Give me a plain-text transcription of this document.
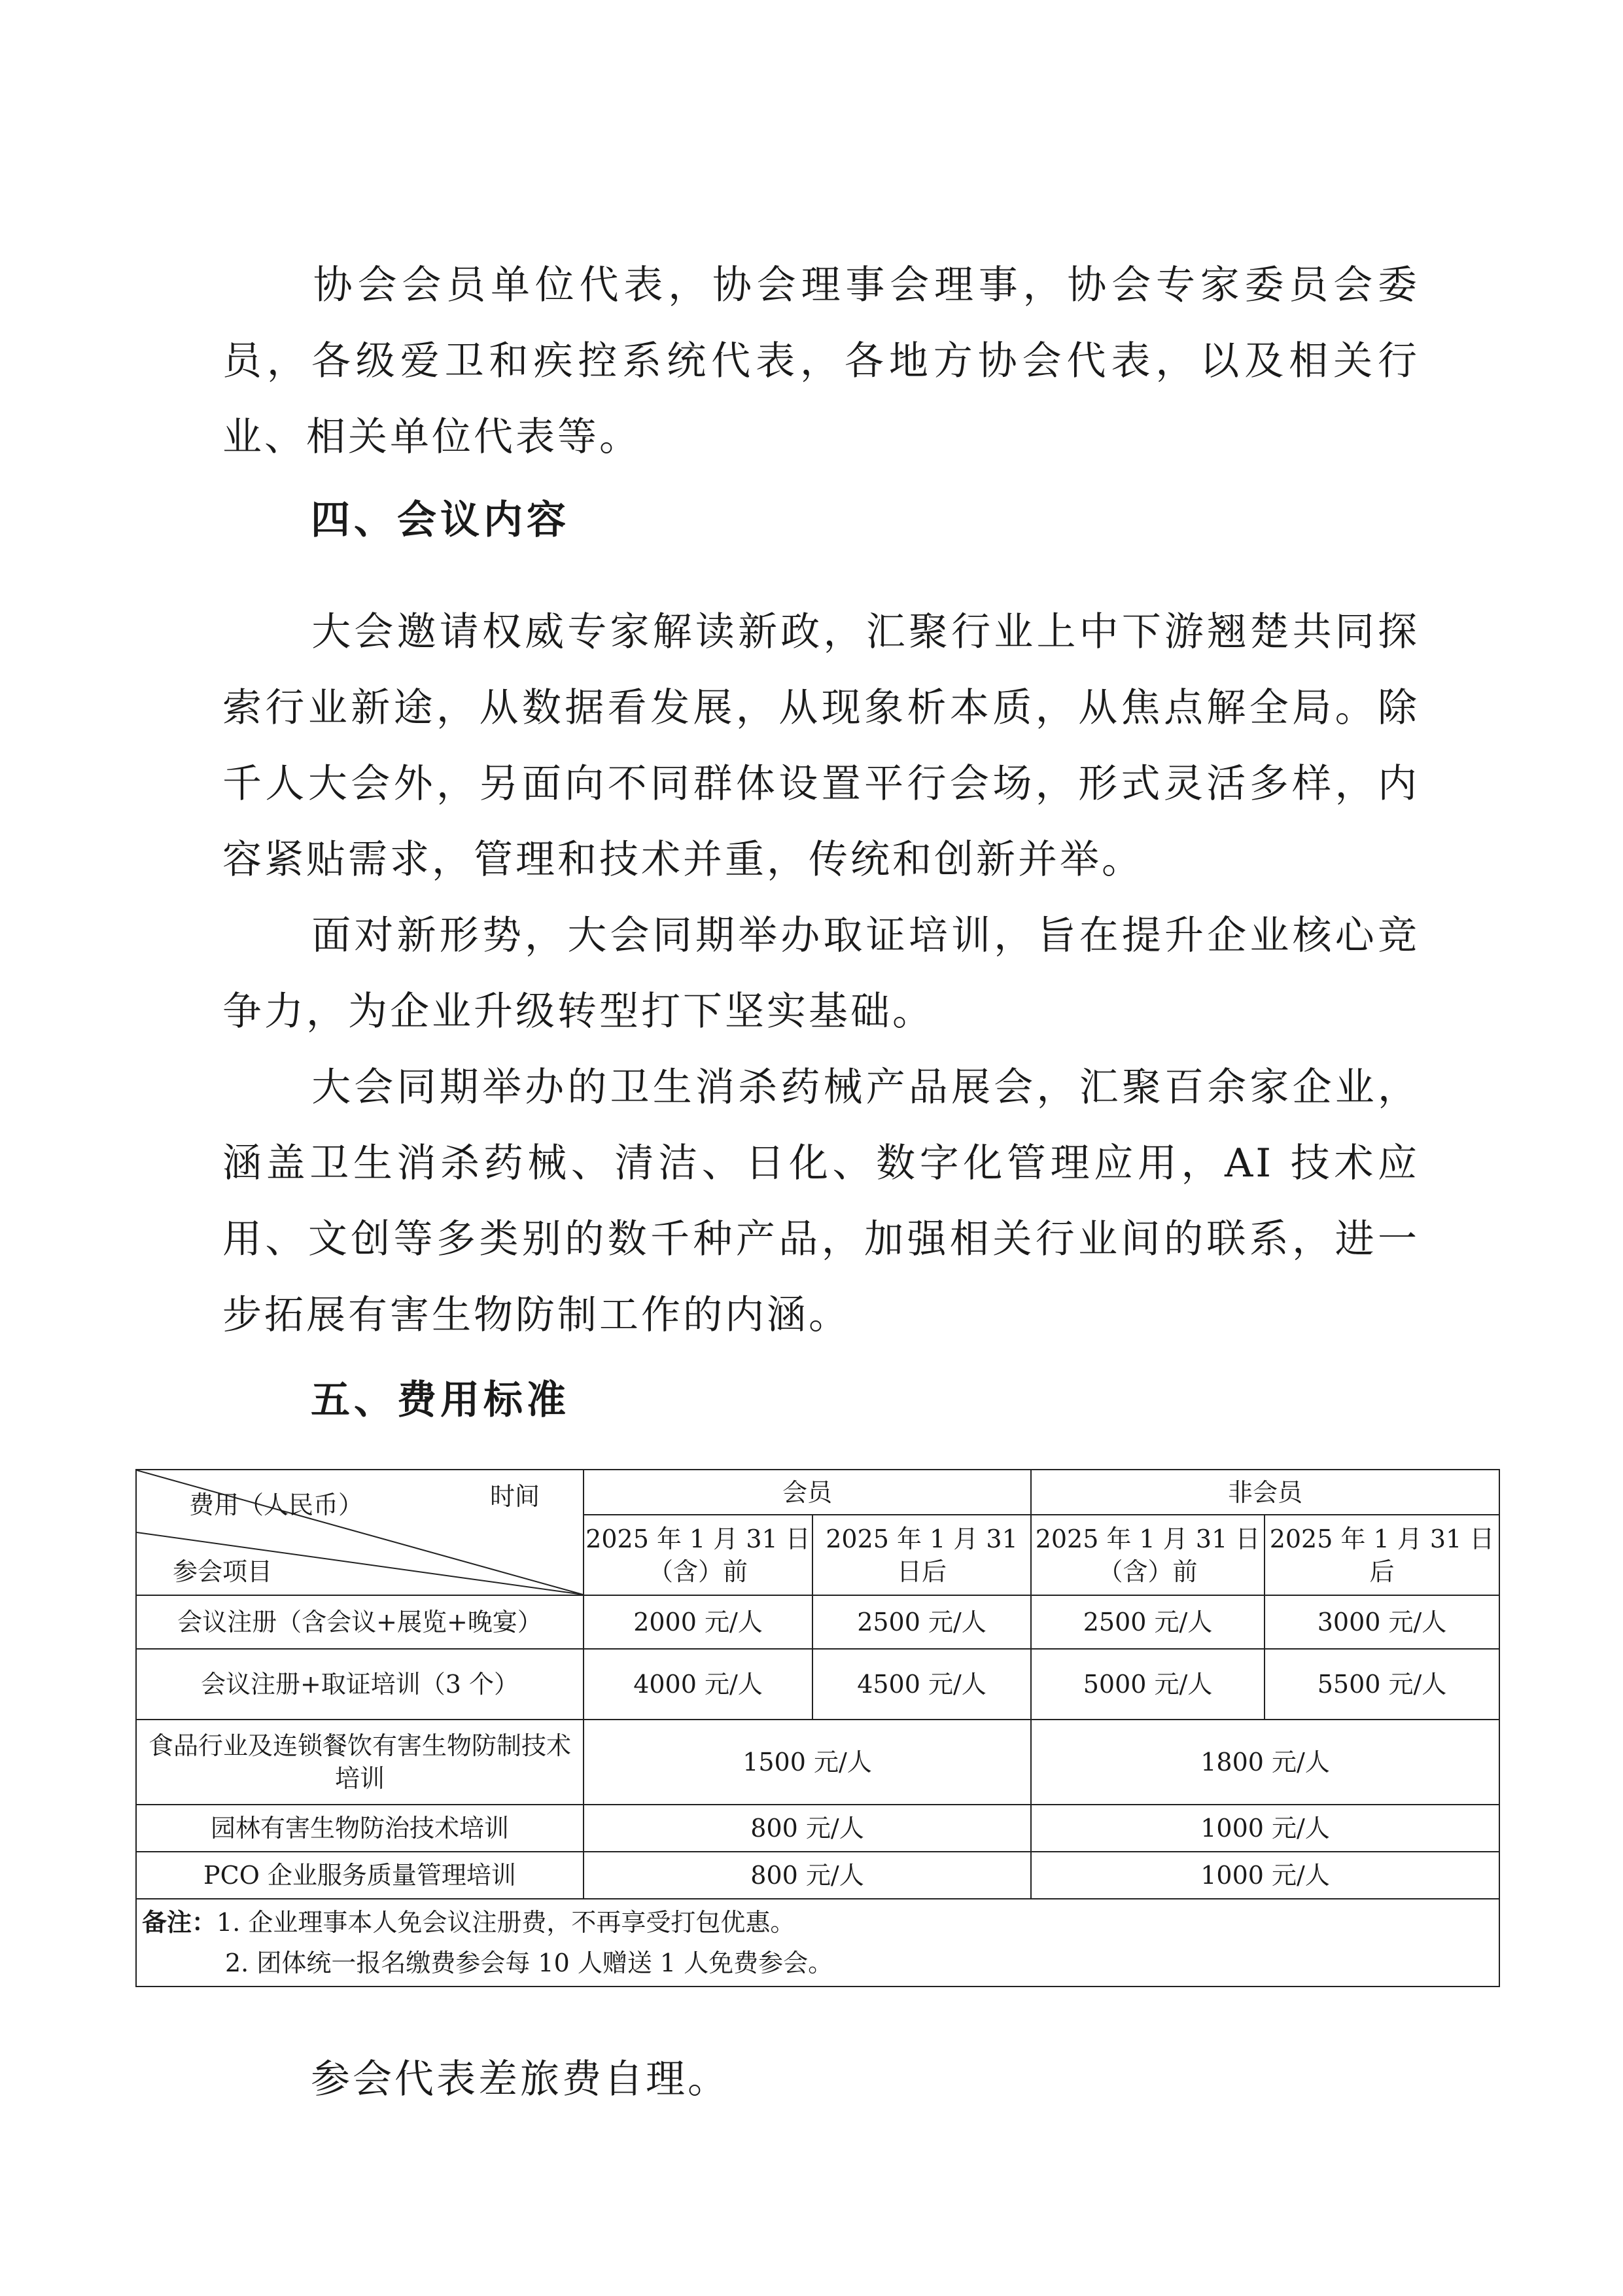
协会会员单位代表，协会理事会理事，协会专家委员会委员，各级爱卫和疾控系统代表，各地方协会代表，以及相关行业、相关单位代表等。

四、会议内容

大会邀请权威专家解读新政，汇聚行业上中下游翘楚共同探索行业新途，从数据看发展，从现象析本质，从焦点解全局。除千人大会外，另面向不同群体设置平行会场，形式灵活多样，内容紧贴需求，管理和技术并重，传统和创新并举。

面对新形势，大会同期举办取证培训，旨在提升企业核心竞争力，为企业升级转型打下坚实基础。

大会同期举办的卫生消杀药械产品展会，汇聚百余家企业，涵盖卫生消杀药械、清洁、日化、数字化管理应用，AI 技术应用、文创等多类别的数千种产品，加强相关行业间的联系，进一步拓展有害生物防制工作的内涵。

五、费用标准
费用（人民币） 时间
参会项目	会员		非会员	
	2025 年 1 月 31 日（含）前	2025 年 1 月 31 日后	2025 年 1 月 31 日（含）前	2025 年 1 月 31 日后
会议注册（含会议+展览+晚宴）	2000 元/人	2500 元/人	2500 元/人	3000 元/人
会议注册+取证培训（3 个）	4000 元/人	4500 元/人	5000 元/人	5500 元/人
食品行业及连锁餐饮有害生物防制技术培训	1500 元/人		1800 元/人	
园林有害生物防治技术培训	800 元/人		1000 元/人	
PCO 企业服务质量管理培训	800 元/人		1000 元/人	

备注：1. 企业理事本人免会议注册费，不再享受打包优惠。
2. 团体统一报名缴费参会每 10 人赠送 1 人免费参会。				

参会代表差旅费自理。
